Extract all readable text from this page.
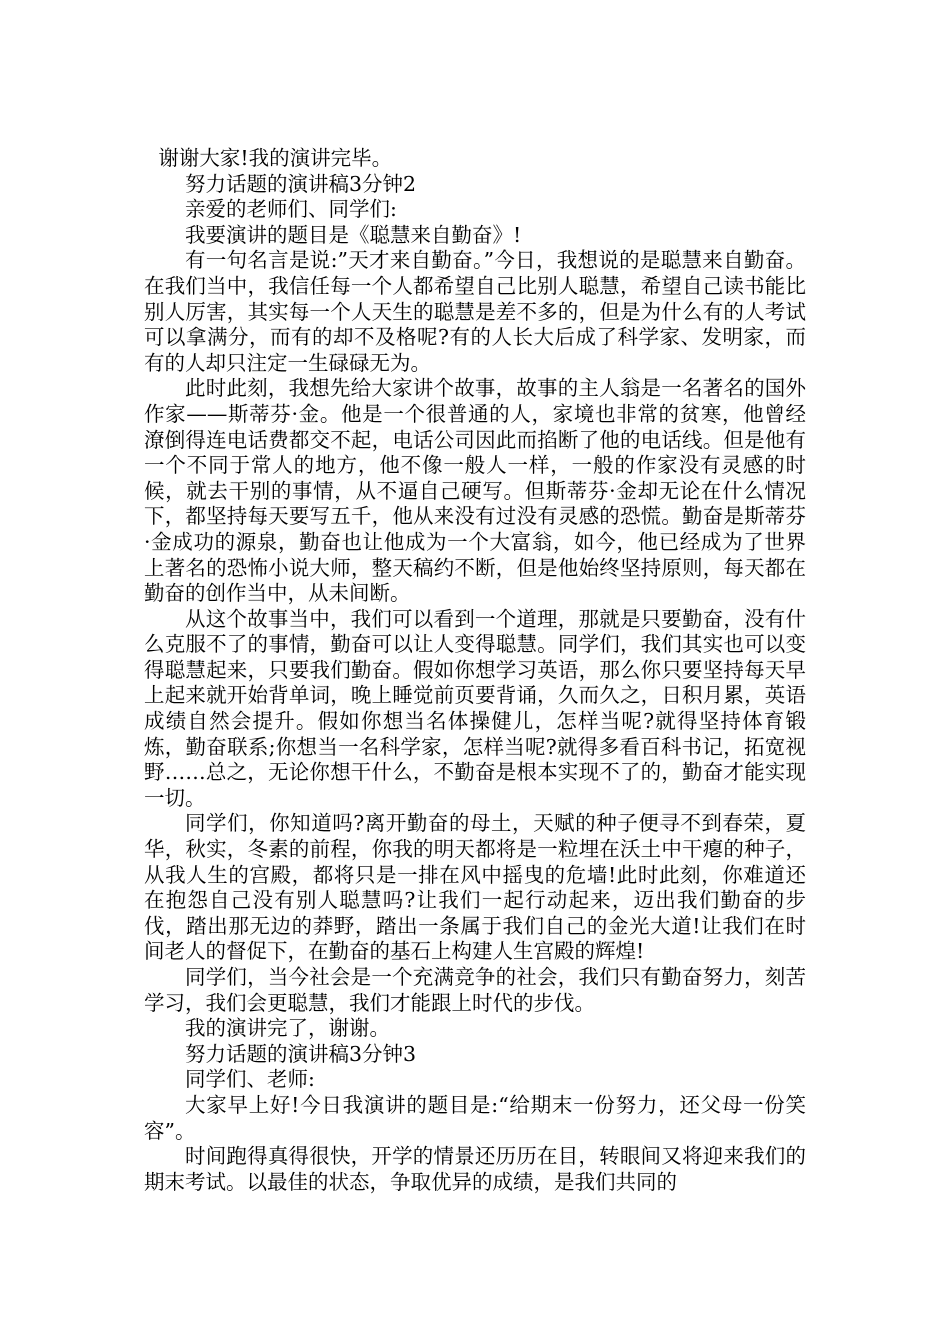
谢谢大家!我的演讲完毕。

努力话题的演讲稿3分钟2

亲爱的老师们、同学们:

我要演讲的题目是《聪慧来自勤奋》!

有一句名言是说:”天才来自勤奋。”今日，我想说的是聪慧来自勤奋。在我们当中，我信任每一个人都希望自己比别人聪慧，希望自己读书能比别人厉害，其实每一个人天生的聪慧是差不多的，但是为什么有的人考试可以拿满分，而有的却不及格呢?有的人长大后成了科学家、发明家，而有的人却只注定一生碌碌无为。

此时此刻，我想先给大家讲个故事，故事的主人翁是一名著名的国外作家——斯蒂芬·金。他是一个很普通的人，家境也非常的贫寒，他曾经潦倒得连电话费都交不起，电话公司因此而掐断了他的电话线。但是他有一个不同于常人的地方，他不像一般人一样，一般的作家没有灵感的时候，就去干别的事情，从不逼自己硬写。但斯蒂芬·金却无论在什么情况下，都坚持每天要写五千，他从来没有过没有灵感的恐慌。勤奋是斯蒂芬·金成功的源泉，勤奋也让他成为一个大富翁，如今，他已经成为了世界上著名的恐怖小说大师，整天稿约不断，但是他始终坚持原则，每天都在勤奋的创作当中，从未间断。

从这个故事当中，我们可以看到一个道理，那就是只要勤奋，没有什么克服不了的事情，勤奋可以让人变得聪慧。同学们，我们其实也可以变得聪慧起来，只要我们勤奋。假如你想学习英语，那么你只要坚持每天早上起来就开始背单词，晚上睡觉前页要背诵，久而久之，日积月累，英语成绩自然会提升。假如你想当名体操健儿，怎样当呢?就得坚持体育锻炼，勤奋联系;你想当一名科学家，怎样当呢?就得多看百科书记，拓宽视野……总之，无论你想干什么，不勤奋是根本实现不了的，勤奋才能实现一切。

同学们，你知道吗?离开勤奋的母土，天赋的种子便寻不到春荣，夏华，秋实，冬素的前程，你我的明天都将是一粒埋在沃土中干瘪的种子，从我人生的宫殿，都将只是一排在风中摇曳的危墙!此时此刻，你难道还在抱怨自己没有别人聪慧吗?让我们一起行动起来，迈出我们勤奋的步伐，踏出那无边的莽野，踏出一条属于我们自己的金光大道!让我们在时间老人的督促下，在勤奋的基石上构建人生宫殿的辉煌!

同学们，当今社会是一个充满竞争的社会，我们只有勤奋努力，刻苦学习，我们会更聪慧，我们才能跟上时代的步伐。

我的演讲完了，谢谢。

努力话题的演讲稿3分钟3

同学们、老师:

大家早上好!今日我演讲的题目是:“给期末一份努力，还父母一份笑容”。

时间跑得真得很快，开学的情景还历历在目，转眼间又将迎来我们的期末考试。以最佳的状态，争取优异的成绩，是我们共同的
